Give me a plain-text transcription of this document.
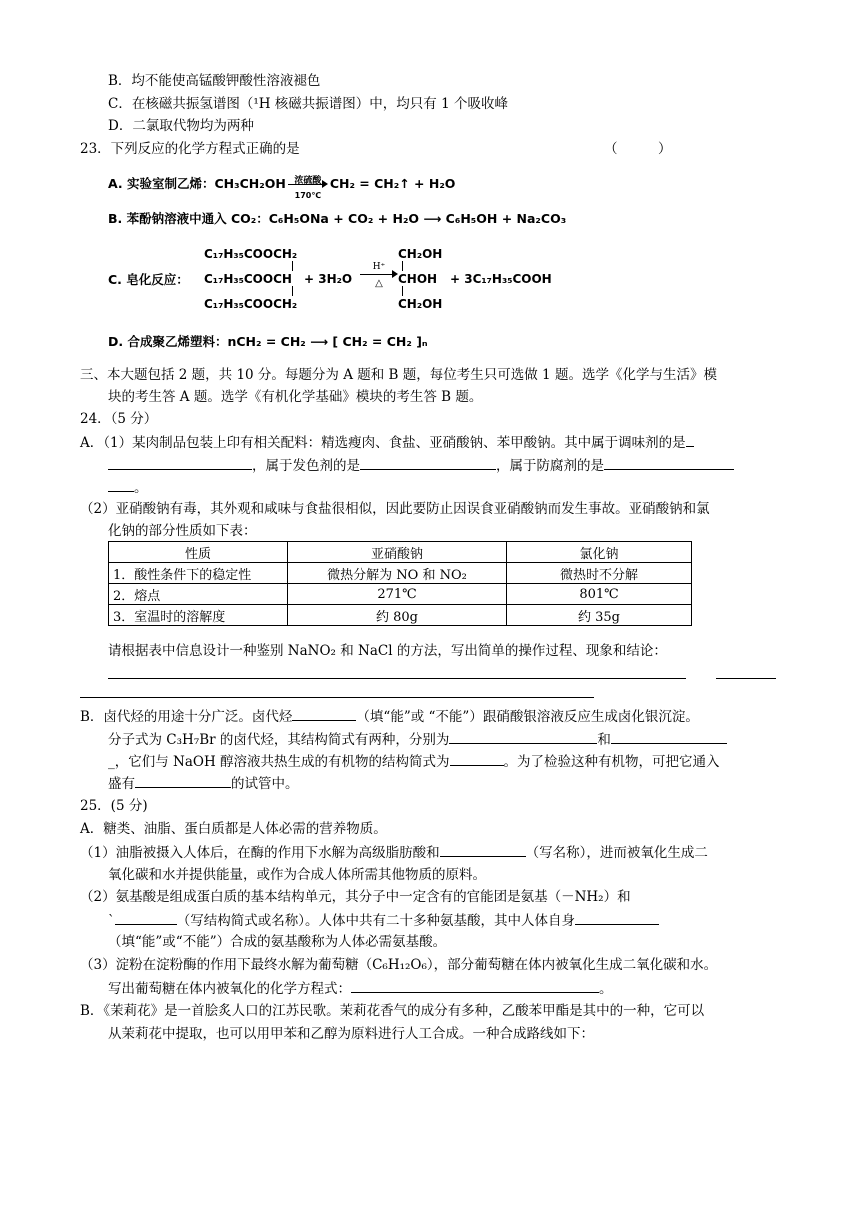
B．均不能使高锰酸钾酸性溶液褪色
C．在核磁共振氢谱图（¹H 核磁共振谱图）中，均只有 1 个吸收峰
D．二氯取代物均为两种
23．下列反应的化学方程式正确的是	（　　　）
A. 实验室制乙烯：CH₃CH₂OH 浓硫酸
170℃
CH₂ = CH₂↑ + H₂O
B. 苯酚钠溶液中通入 CO₂：C₆H₅ONa + CO₂ + H₂O ⟶ C₆H₅OH + Na₂CO₃
C. 皂化反应：
C₁₇H₃₅COOCH₂
C₁₇H₃₅COOCH
C₁₇H₃₅COOCH₂
+ 3H₂O
H⁺
△
CH₂OH
CHOH
CH₂OH
+ 3C₁₇H₃₅COOH
D. 合成聚乙烯塑料：nCH₂ = CH₂ ⟶ [ CH₂ = CH₂ ]ₙ
三、本大题包括 2 题，共 10 分。每题分为 A 题和 B 题，每位考生只可选做 1 题。选学《化学与生活》模
块的考生答 A 题。选学《有机化学基础》模块的考生答 B 题。
24．（5 分）
A．（1）某肉制品包装上印有相关配料：精选瘦肉、食盐、亚硝酸钠、苯甲酸钠。其中属于调味剂的是
，属于发色剂的是	，属于防腐剂的是
。
（2）亚硝酸钠有毒，其外观和咸味与食盐很相似，因此要防止因误食亚硝酸钠而发生事故。亚硝酸钠和氯
化钠的部分性质如下表：
性质	亚硝酸钠	氯化钠
1．酸性条件下的稳定性	微热分解为 NO 和 NO₂	微热时不分解
2．熔点	271℃	801℃
3．室温时的溶解度	约 80g	约 35g
请根据表中信息设计一种鉴别 NaNO₂ 和 NaCl 的方法，写出简单的操作过程、现象和结论：
B．卤代烃的用途十分广泛。卤代烃	（填“能”或 “不能”）跟硝酸银溶液反应生成卤化银沉淀。
分子式为 C₃H₇Br 的卤代烃，其结构简式有两种，分别为	和
_，它们与 NaOH 醇溶液共热生成的有机物的结构简式为	。为了检验这种有机物，可把它通入
盛有	的试管中。
25．(5 分)
A．糖类、油脂、蛋白质都是人体必需的营养物质。
（1）油脂被摄入人体后，在酶的作用下水解为高级脂肪酸和	（写名称），进而被氧化生成二
氧化碳和水并提供能量，或作为合成人体所需其他物质的原料。
（2）氨基酸是组成蛋白质的基本结构单元，其分子中一定含有的官能团是氨基（－NH₂）和
`	（写结构简式或名称）。人体中共有二十多种氨基酸，其中人体自身
（填“能”或“不能”）合成的氨基酸称为人体必需氨基酸。
（3）淀粉在淀粉酶的作用下最终水解为葡萄糖（C₆H₁₂O₆），部分葡萄糖在体内被氧化生成二氧化碳和水。
写出葡萄糖在体内被氧化的化学方程式：	。
B．《茉莉花》是一首脍炙人口的江苏民歌。茉莉花香气的成分有多种，乙酸苯甲酯是其中的一种，它可以
从茉莉花中提取，也可以用甲苯和乙醇为原料进行人工合成。一种合成路线如下：
